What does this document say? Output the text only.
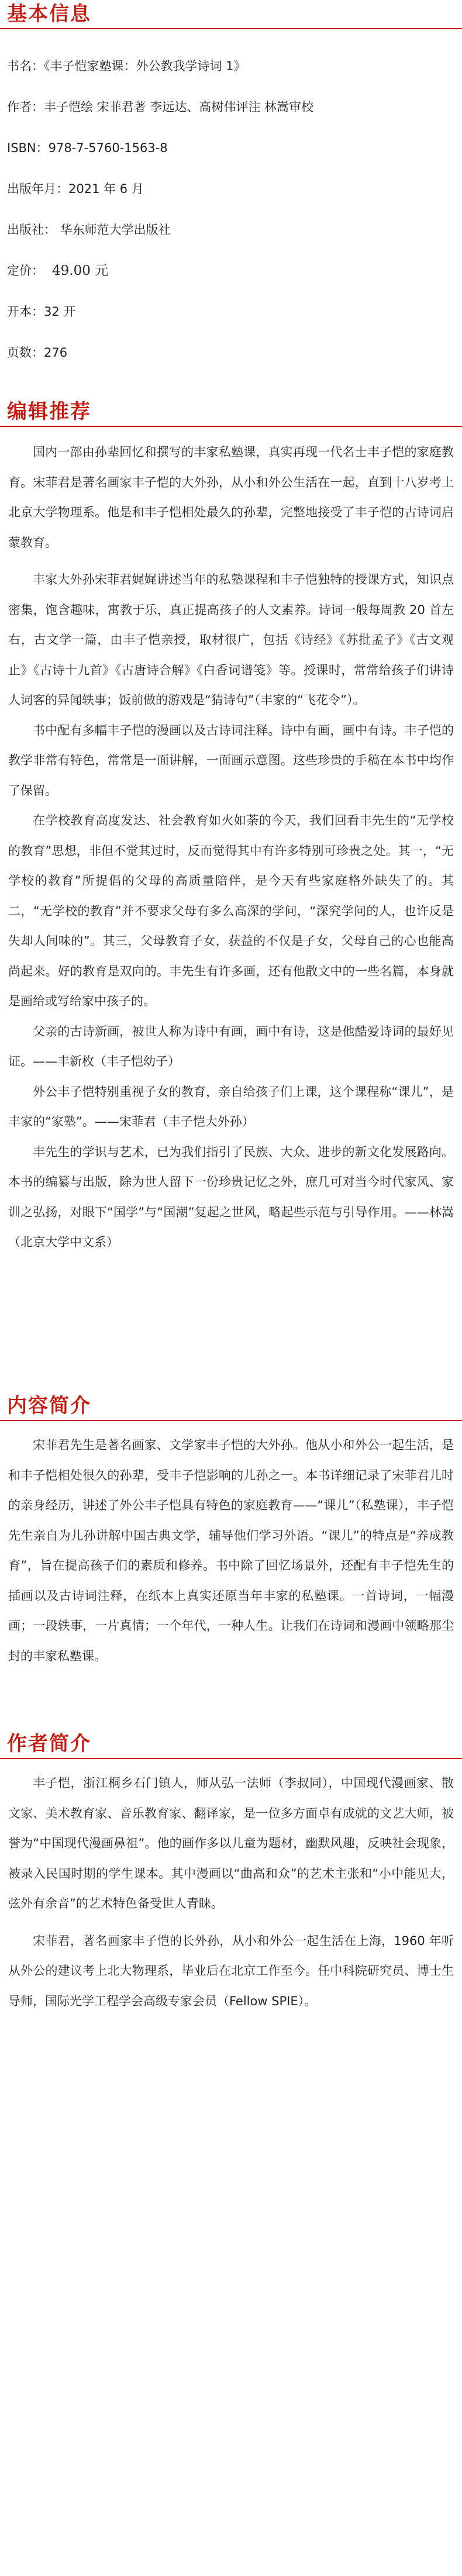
基本信息
书名：《丰子恺家塾课：外公教我学诗词 1》
作者：丰子恺绘 宋菲君著 李远达、高树伟评注 林嵩审校
ISBN：978-7-5760-1563-8
出版年月：2021 年 6 月
出版社： 华东师范大学出版社
定价： 49.00 元
开本：32 开
页数：276
编辑推荐

国内一部由孙辈回忆和撰写的丰家私塾课，真实再现一代名士丰子恺的家庭教育。宋菲君是著名画家丰子恺的大外孙，从小和外公生活在一起，直到十八岁考上北京大学物理系。他是和丰子恺相处最久的孙辈，完整地接受了丰子恺的古诗词启蒙教育。

丰家大外孙宋菲君娓娓讲述当年的私塾课程和丰子恺独特的授课方式，知识点密集，饱含趣味，寓教于乐，真正提高孩子的人文素养。诗词一般每周教 20 首左右，古文学一篇，由丰子恺亲授，取材很广，包括《诗经》《苏批孟子》《古文观止》《古诗十九首》《古唐诗合解》《白香词谱笺》等。授课时，常常给孩子们讲诗人词客的异闻轶事；饭前做的游戏是“猜诗句”（丰家的“飞花令”）。

书中配有多幅丰子恺的漫画以及古诗词注释。诗中有画，画中有诗。丰子恺的教学非常有特色，常常是一面讲解，一面画示意图。这些珍贵的手稿在本书中均作了保留。

在学校教育高度发达、社会教育如火如荼的今天，我们回看丰先生的“无学校的教育”思想，非但不觉其过时，反而觉得其中有许多特别可珍贵之处。其一，“无学校的教育”所提倡的父母的高质量陪伴，是今天有些家庭格外缺失了的。其二，“无学校的教育”并不要求父母有多么高深的学问，“深究学问的人，也许反是失却人间味的”。其三，父母教育子女，获益的不仅是子女，父母自己的心也能高尚起来。好的教育是双向的。丰先生有许多画，还有他散文中的一些名篇，本身就是画给或写给家中孩子的。

父亲的古诗新画，被世人称为诗中有画，画中有诗，这是他酷爱诗词的最好见证。——丰新枚（丰子恺幼子）

外公丰子恺特别重视子女的教育，亲自给孩子们上课，这个课程称“课儿”，是丰家的“家塾”。——宋菲君（丰子恺大外孙）

丰先生的学识与艺术，已为我们指引了民族、大众、进步的新文化发展路向。本书的编纂与出版，除为世人留下一份珍贵记忆之外，庶几可对当今时代家风、家训之弘扬，对眼下“国学”与“国潮”复起之世风，略起些示范与引导作用。——林嵩（北京大学中文系）

内容简介

宋菲君先生是著名画家、文学家丰子恺的大外孙。他从小和外公一起生活，是和丰子恺相处很久的孙辈，受丰子恺影响的儿孙之一。本书详细记录了宋菲君儿时的亲身经历，讲述了外公丰子恺具有特色的家庭教育——“课儿”（私塾课），丰子恺先生亲自为儿孙讲解中国古典文学，辅导他们学习外语。“课儿”的特点是“养成教育”，旨在提高孩子们的素质和修养。书中除了回忆场景外，还配有丰子恺先生的插画以及古诗词注释，在纸本上真实还原当年丰家的私塾课。一首诗词，一幅漫画；一段轶事，一片真情；一个年代，一种人生。让我们在诗词和漫画中领略那尘封的丰家私塾课。

作者简介

丰子恺，浙江桐乡石门镇人，师从弘一法师（李叔同），中国现代漫画家、散文家、美术教育家、音乐教育家、翻译家，是一位多方面卓有成就的文艺大师，被誉为“中国现代漫画鼻祖”。他的画作多以儿童为题材，幽默风趣，反映社会现象，被录入民国时期的学生课本。其中漫画以“曲高和众”的艺术主张和“小中能见大，弦外有余音”的艺术特色备受世人青睐。

宋菲君，著名画家丰子恺的长外孙，从小和外公一起生活在上海，1960 年听从外公的建议考上北大物理系，毕业后在北京工作至今。任中科院研究员、博士生导师，国际光学工程学会高级专家会员（Fellow SPIE）。
